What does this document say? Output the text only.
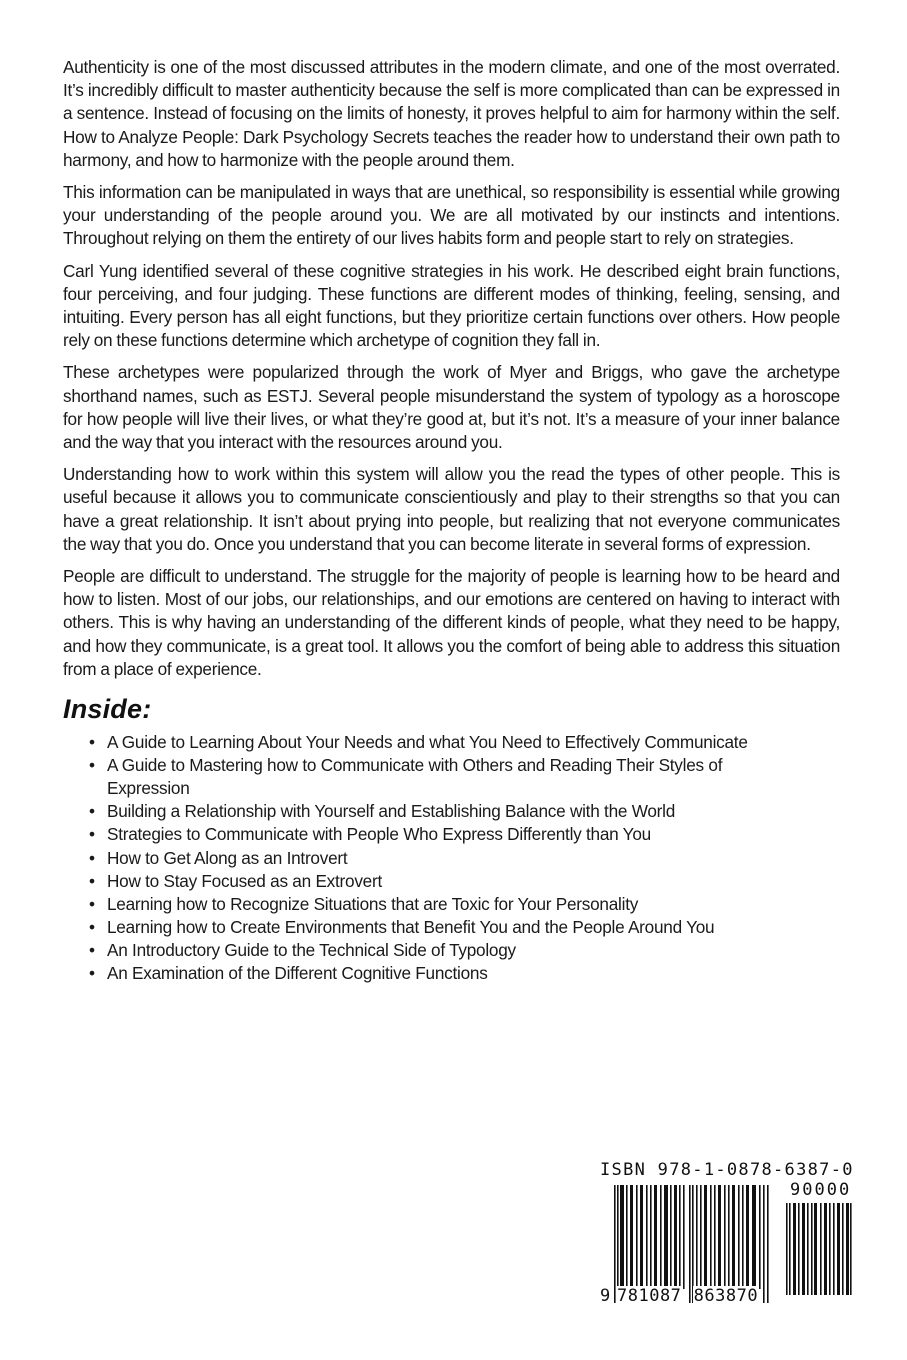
Authenticity is one of the most discussed attributes in the modern climate, and one of the most overrated. It’s incredibly difficult to master authenticity because the self is more complicated than can be expressed in a sentence. Instead of focusing on the limits of honesty, it proves helpful to aim for harmony within the self. How to Analyze People: Dark Psychology Secrets teaches the reader how to understand their own path to harmony, and how to harmonize with the people around them.

This information can be manipulated in ways that are unethical, so responsibility is essential while growing your understanding of the people around you. We are all motivated by our instincts and intentions. Throughout relying on them the entirety of our lives habits form and people start to rely on strategies.

Carl Yung identified several of these cognitive strategies in his work. He described eight brain functions, four perceiving, and four judging. These functions are different modes of thinking, feeling, sensing, and intuiting. Every person has all eight functions, but they prioritize certain functions over others. How people rely on these functions determine which archetype of cognition they fall in.

These archetypes were popularized through the work of Myer and Briggs, who gave the archetype shorthand names, such as ESTJ. Several people misunderstand the system of typology as a horoscope for how people will live their lives, or what they’re good at, but it’s not. It’s a measure of your inner balance and the way that you interact with the resources around you.

Understanding how to work within this system will allow you the read the types of other people. This is useful because it allows you to communicate conscientiously and play to their strengths so that you can have a great relationship. It isn’t about prying into people, but realizing that not everyone communicates the way that you do. Once you understand that you can become literate in several forms of expression.

People are difficult to understand. The struggle for the majority of people is learning how to be heard and how to listen. Most of our jobs, our relationships, and our emotions are centered on having to interact with others. This is why having an understanding of the different kinds of people, what they need to be happy, and how they communicate, is a great tool. It allows you the comfort of being able to address this situation from a place of experience.

Inside:
• A Guide to Learning About Your Needs and what You Need to Effectively Communicate
• A Guide to Mastering how to Communicate with Others and Reading Their Styles of Expression
• Building a Relationship with Yourself and Establishing Balance with the World
• Strategies to Communicate with People Who Express Differently than You
• How to Get Along as an Introvert
• How to Stay Focused as an Extrovert
• Learning how to Recognize Situations that are Toxic for Your Personality
• Learning how to Create Environments that Benefit You and the People Around You
• An Introductory Guide to the Technical Side of Typology
• An Examination of the Different Cognitive Functions
ISBN 978-1-0878-6387-0
90000
9 781087 863870
